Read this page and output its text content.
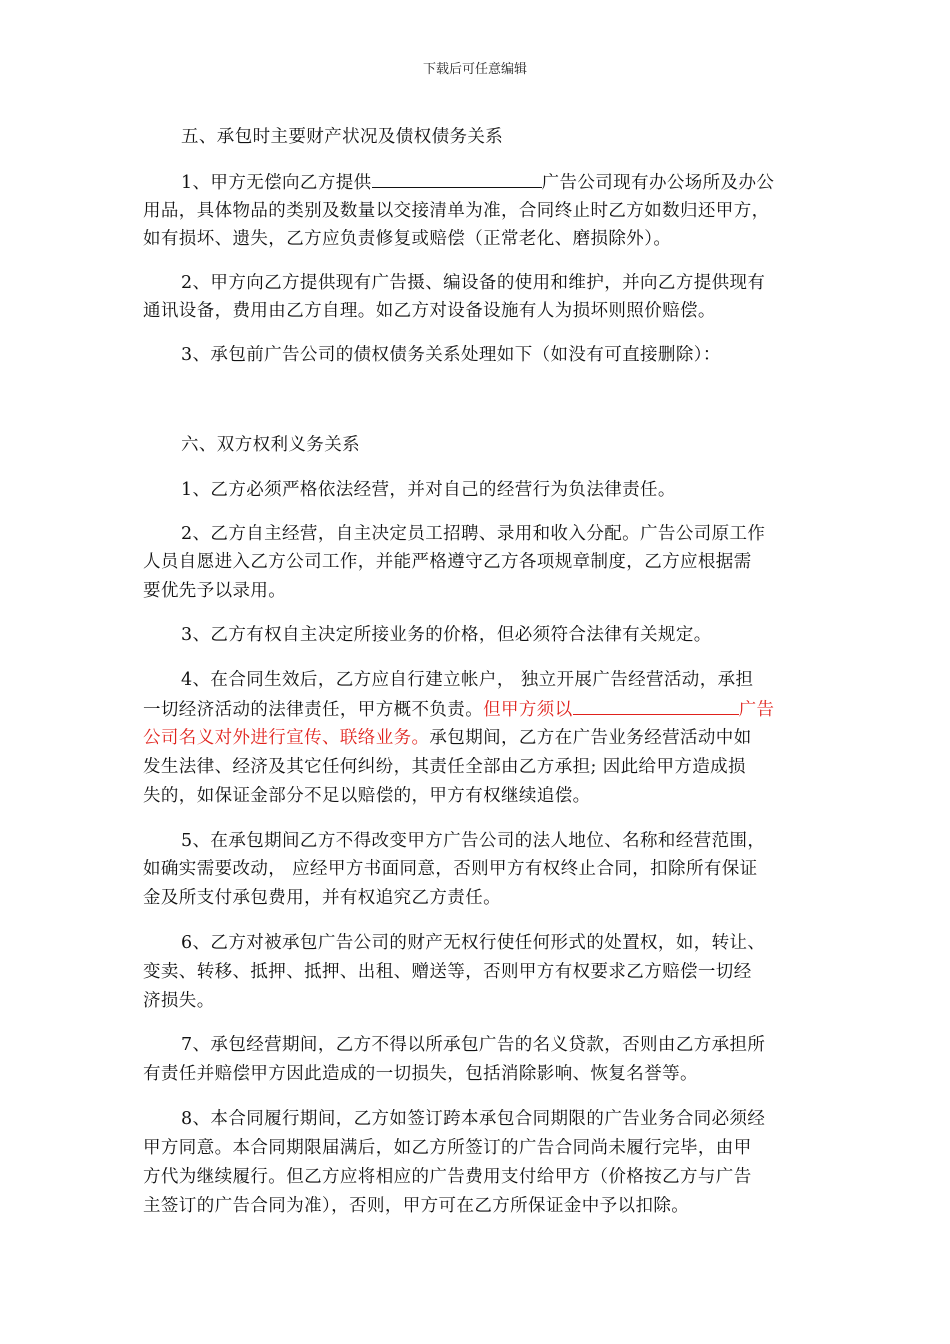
下载后可任意编辑
五、承包时主要财产状况及债权债务关系
1、甲方无偿向乙方提供	广告公司现有办公场所及办公
用品，具体物品的类别及数量以交接清单为准，合同终止时乙方如数归还甲方，
如有损坏、遗失，乙方应负责修复或赔偿（正常老化、磨损除外）。
2、甲方向乙方提供现有广告摄、编设备的使用和维护，并向乙方提供现有
通讯设备，费用由乙方自理。如乙方对设备设施有人为损坏则照价赔偿。
3、承包前广告公司的债权债务关系处理如下（如没有可直接删除）：
六、双方权利义务关系
1、乙方必须严格依法经营，并对自己的经营行为负法律责任。
2、乙方自主经营，自主决定员工招聘、录用和收入分配。广告公司原工作
人员自愿进入乙方公司工作，并能严格遵守乙方各项规章制度，乙方应根据需
要优先予以录用。
3、乙方有权自主决定所接业务的价格，但必须符合法律有关规定。
4、在合同生效后，乙方应自行建立帐户， 独立开展广告经营活动，承担
一切经济活动的法律责任，甲方概不负责。但甲方须以	广告
公司名义对外进行宣传、联络业务。承包期间，乙方在广告业务经营活动中如
发生法律、经济及其它任何纠纷，其责任全部由乙方承担; 因此给甲方造成损
失的，如保证金部分不足以赔偿的，甲方有权继续追偿。
5、在承包期间乙方不得改变甲方广告公司的法人地位、名称和经营范围，
如确实需要改动， 应经甲方书面同意，否则甲方有权终止合同，扣除所有保证
金及所支付承包费用，并有权追究乙方责任。
6、乙方对被承包广告公司的财产无权行使任何形式的处置权，如，转让、
变卖、转移、抵押、抵押、出租、赠送等，否则甲方有权要求乙方赔偿一切经
济损失。
7、承包经营期间，乙方不得以所承包广告的名义贷款，否则由乙方承担所
有责任并赔偿甲方因此造成的一切损失，包括消除影响、恢复名誉等。
8、本合同履行期间，乙方如签订跨本承包合同期限的广告业务合同必须经
甲方同意。本合同期限届满后，如乙方所签订的广告合同尚未履行完毕，由甲
方代为继续履行。但乙方应将相应的广告费用支付给甲方（价格按乙方与广告
主签订的广告合同为准），否则，甲方可在乙方所保证金中予以扣除。
